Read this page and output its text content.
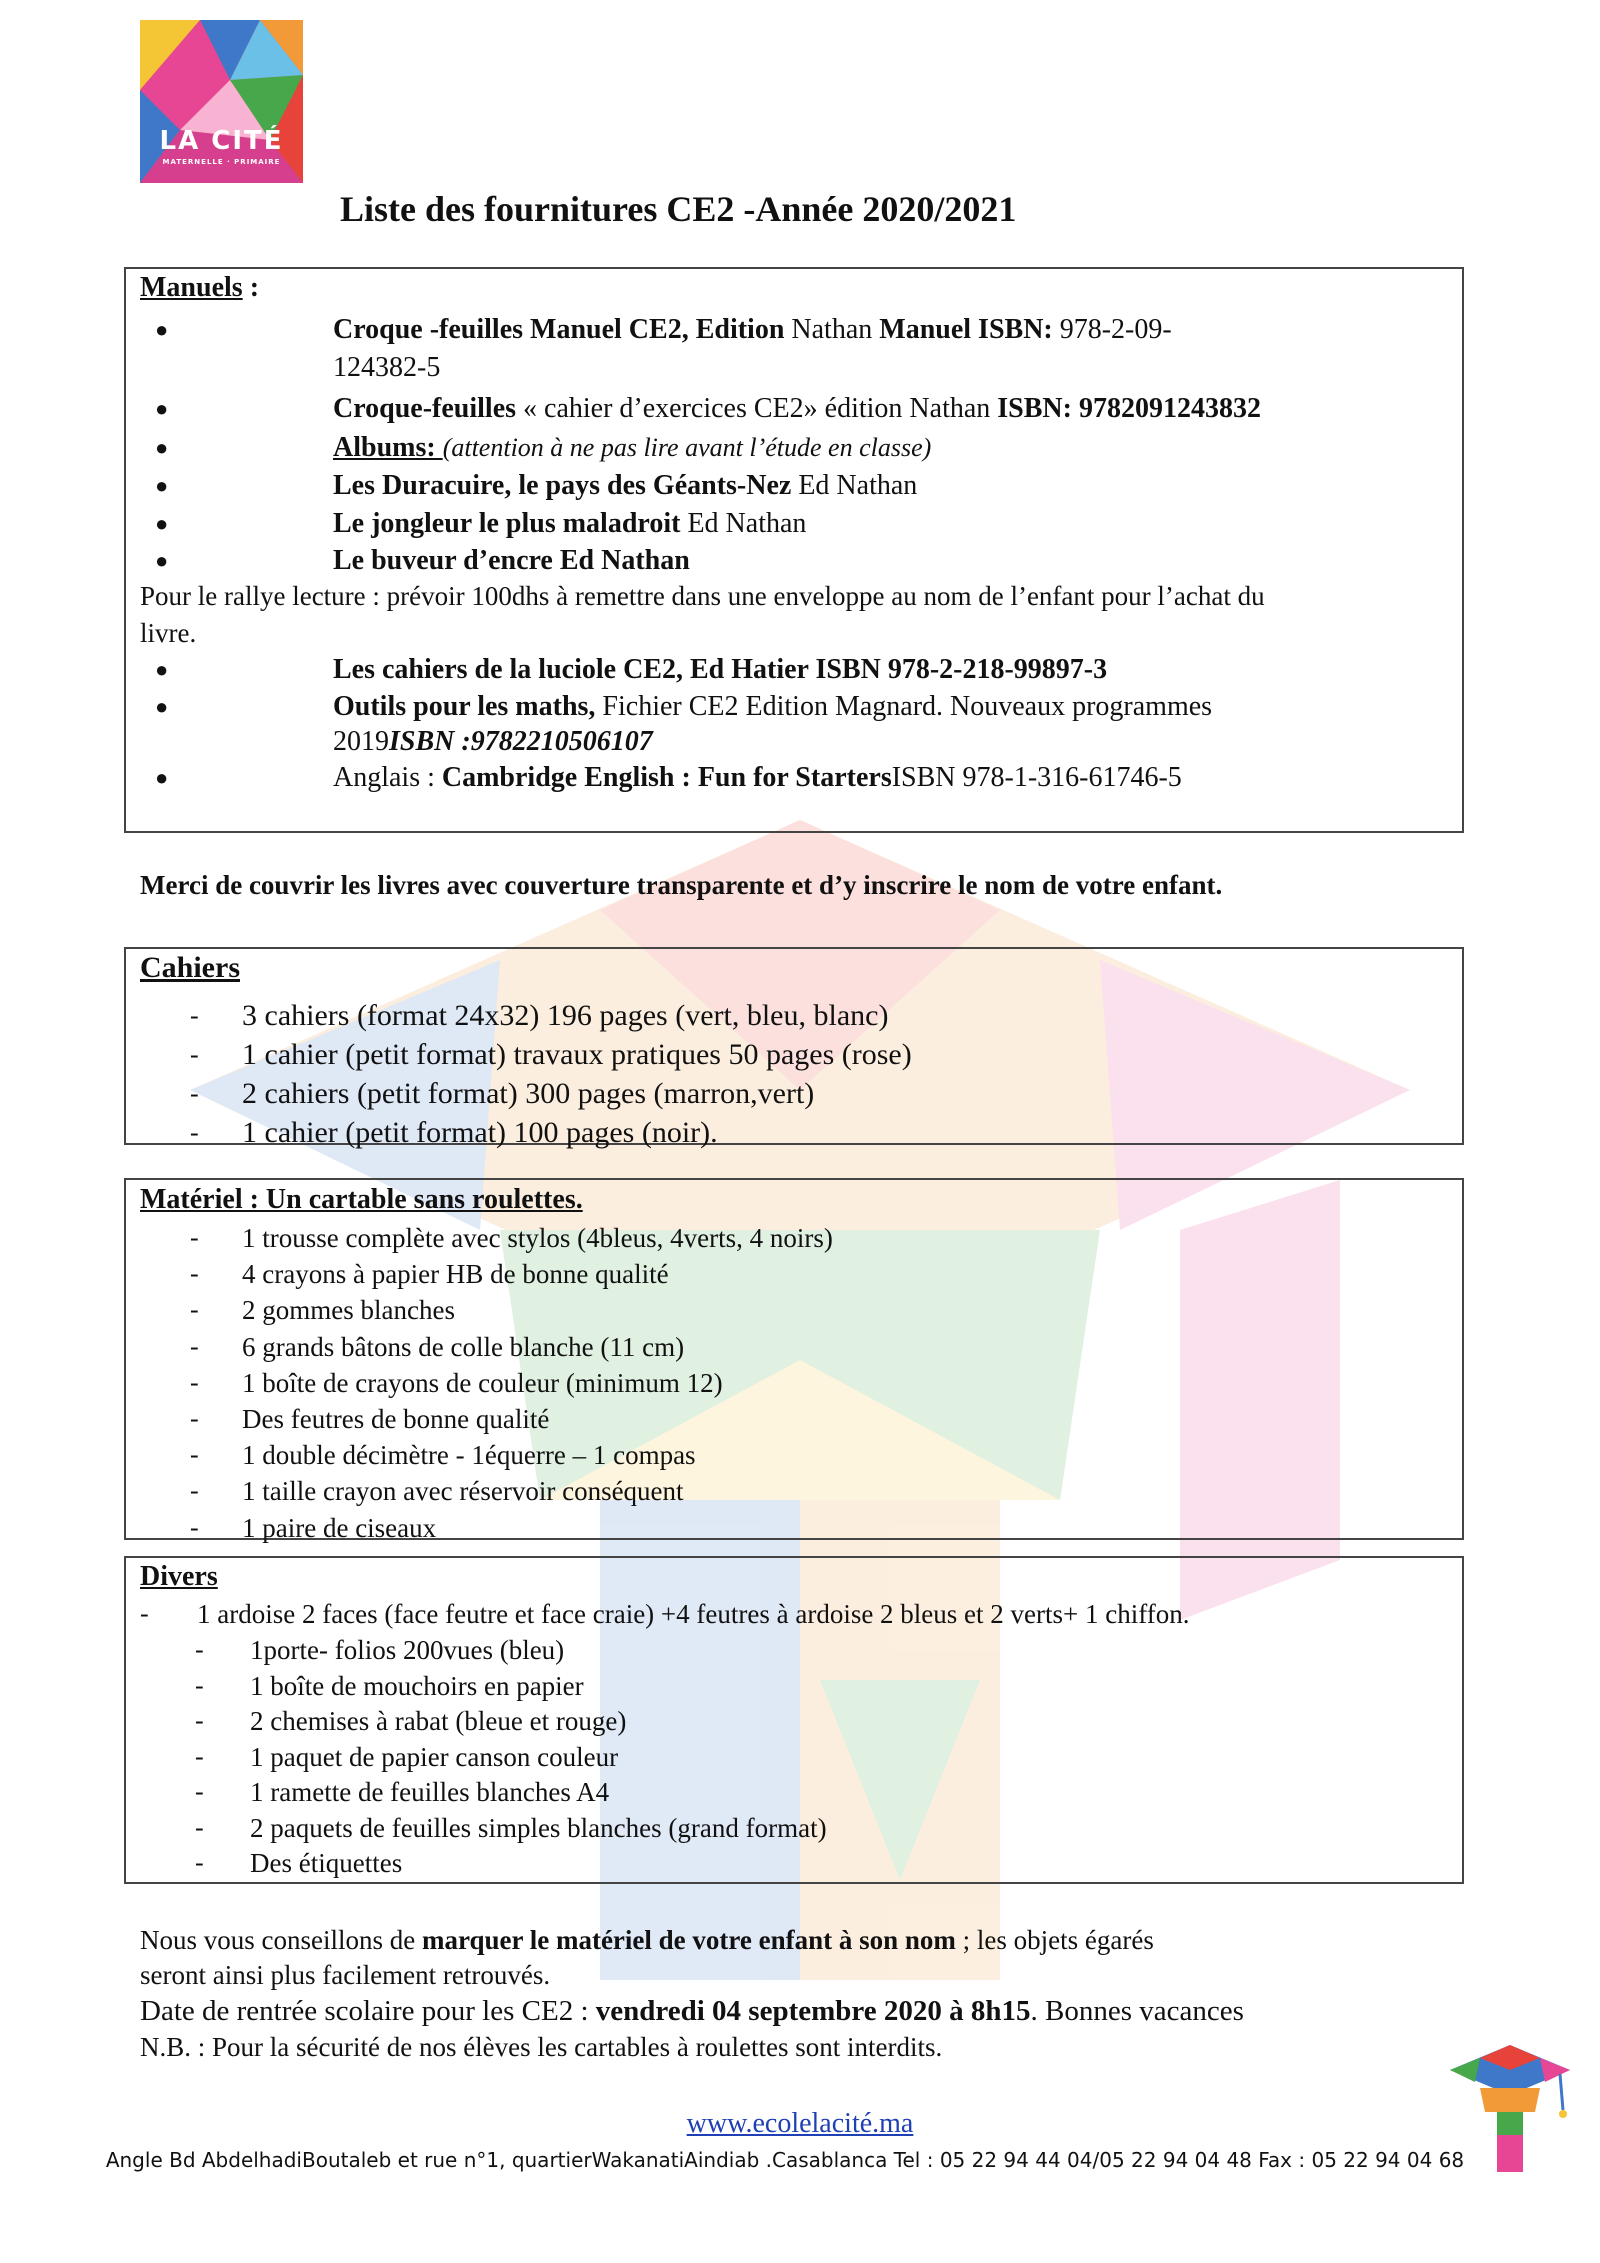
LA CITÉ
MATERNELLE · PRIMAIRE
Liste des fournitures CE2 -Année 2020/2021
Manuels :
●	Croque -feuilles Manuel CE2, Edition Nathan Manuel ISBN: 978-2-09-
124382-5
●	Croque-feuilles « cahier d’exercices CE2» édition Nathan ISBN: 9782091243832
●	Albums: (attention à ne pas lire avant l’étude en classe)
●	Les Duracuire, le pays des Géants-Nez Ed Nathan
●	Le jongleur le plus maladroit Ed Nathan
●	Le buveur d’encre Ed Nathan
Pour le rallye lecture : prévoir 100dhs à remettre dans une enveloppe au nom de l’enfant pour l’achat du
livre.
●	Les cahiers de la luciole CE2, Ed Hatier ISBN 978-2-218-99897-3
●	Outils pour les maths, Fichier CE2 Edition Magnard. Nouveaux programmes
2019ISBN :9782210506107
●	Anglais : Cambridge English : Fun for StartersISBN 978-1-316-61746-5
Merci de couvrir les livres avec couverture transparente et d’y inscrire le nom de votre enfant.
Cahiers
- 3 cahiers (format 24x32) 196 pages (vert, bleu, blanc)
- 1 cahier (petit format) travaux pratiques 50 pages (rose)
- 2 cahiers (petit format) 300 pages (marron,vert)
- 1 cahier (petit format) 100 pages (noir).
Matériel : Un cartable sans roulettes.
- 1 trousse complète avec stylos (4bleus, 4verts, 4 noirs)
- 4 crayons à papier HB de bonne qualité
- 2 gommes blanches
- 6 grands bâtons de colle blanche (11 cm)
- 1 boîte de crayons de couleur (minimum 12)
- Des feutres de bonne qualité
- 1 double décimètre - 1équerre – 1 compas
- 1 taille crayon avec réservoir conséquent
- 1 paire de ciseaux
Divers
- 1 ardoise 2 faces (face feutre et face craie) +4 feutres à ardoise 2 bleus et 2 verts+ 1 chiffon.
- 1porte- folios 200vues (bleu)
- 1 boîte de mouchoirs en papier
- 2 chemises à rabat (bleue et rouge)
- 1 paquet de papier canson couleur
- 1 ramette de feuilles blanches A4
- 2 paquets de feuilles simples blanches (grand format)
- Des étiquettes
Nous vous conseillons de marquer le matériel de votre enfant à son nom ; les objets égarés
seront ainsi plus facilement retrouvés.
Date de rentrée scolaire pour les CE2 : vendredi 04 septembre 2020 à 8h15. Bonnes vacances
N.B. : Pour la sécurité de nos élèves les cartables à roulettes sont interdits.
www.ecolelacité.ma
Angle Bd AbdelhadiBoutaleb et rue n°1, quartierWakanatiAindiab .Casablanca Tel : 05 22 94 44 04/05 22 94 04 48 Fax : 05 22 94 04 68
